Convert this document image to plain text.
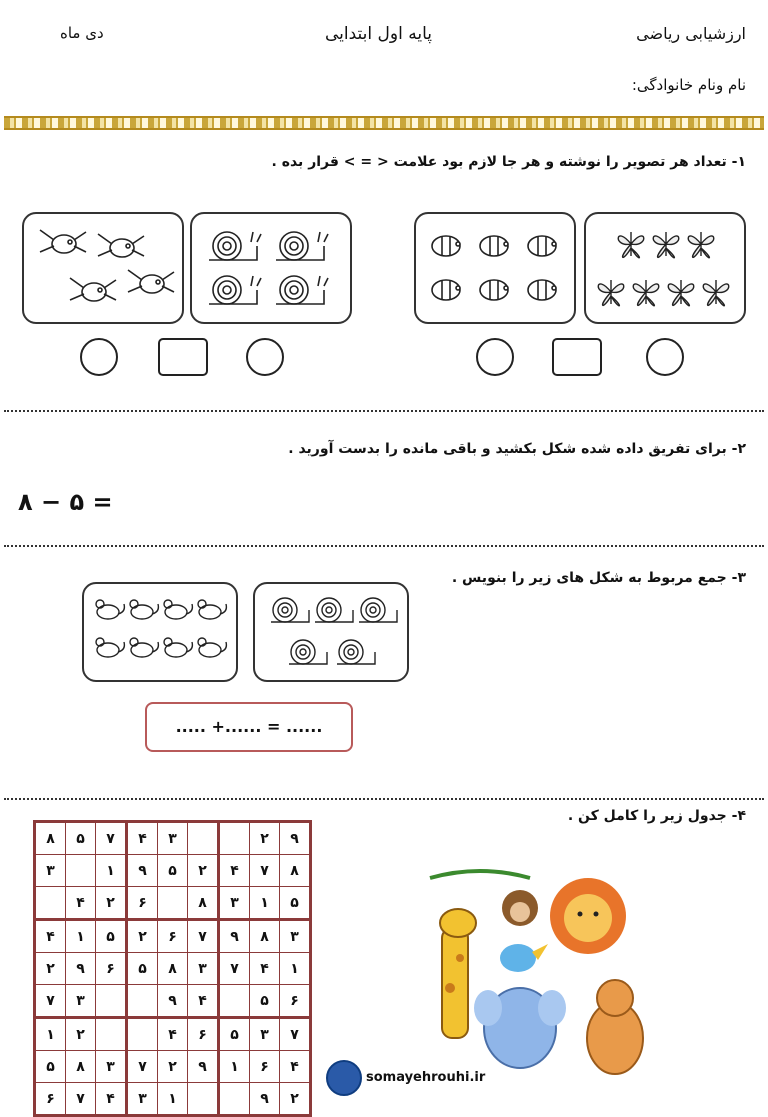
دی ماه	پایه اول ابتدایی	ارزشیابی ریاضی
نام ونام خانوادگی:
۱- تعداد هر تصویر را نوشته و هر جا لازم بود علامت < = > قرار بده .
۲- برای تفریق داده شده شکل بکشید و باقی مانده را بدست آورید .
۸ − ۵ =
۳- جمع مربوط به شکل های زیر را بنویس .
..... +...... = ......
۴- جدول زیر را کامل کن .
۸	۵	۷	۴	۳			۲	۹
۳		۱	۹	۵	۲	۴	۷	۸
	۴	۲	۶		۸	۳	۱	۵
۴	۱	۵	۲	۶	۷	۹	۸	۳
۲	۹	۶	۵	۸	۳	۷	۴	۱
۷	۳			۹	۴		۵	۶
۱	۲			۴	۶	۵	۳	۷
۵	۸	۳	۷	۲	۹	۱	۶	۴
۶	۷	۴	۳	۱			۹	۲
somayehrouhi.ir
